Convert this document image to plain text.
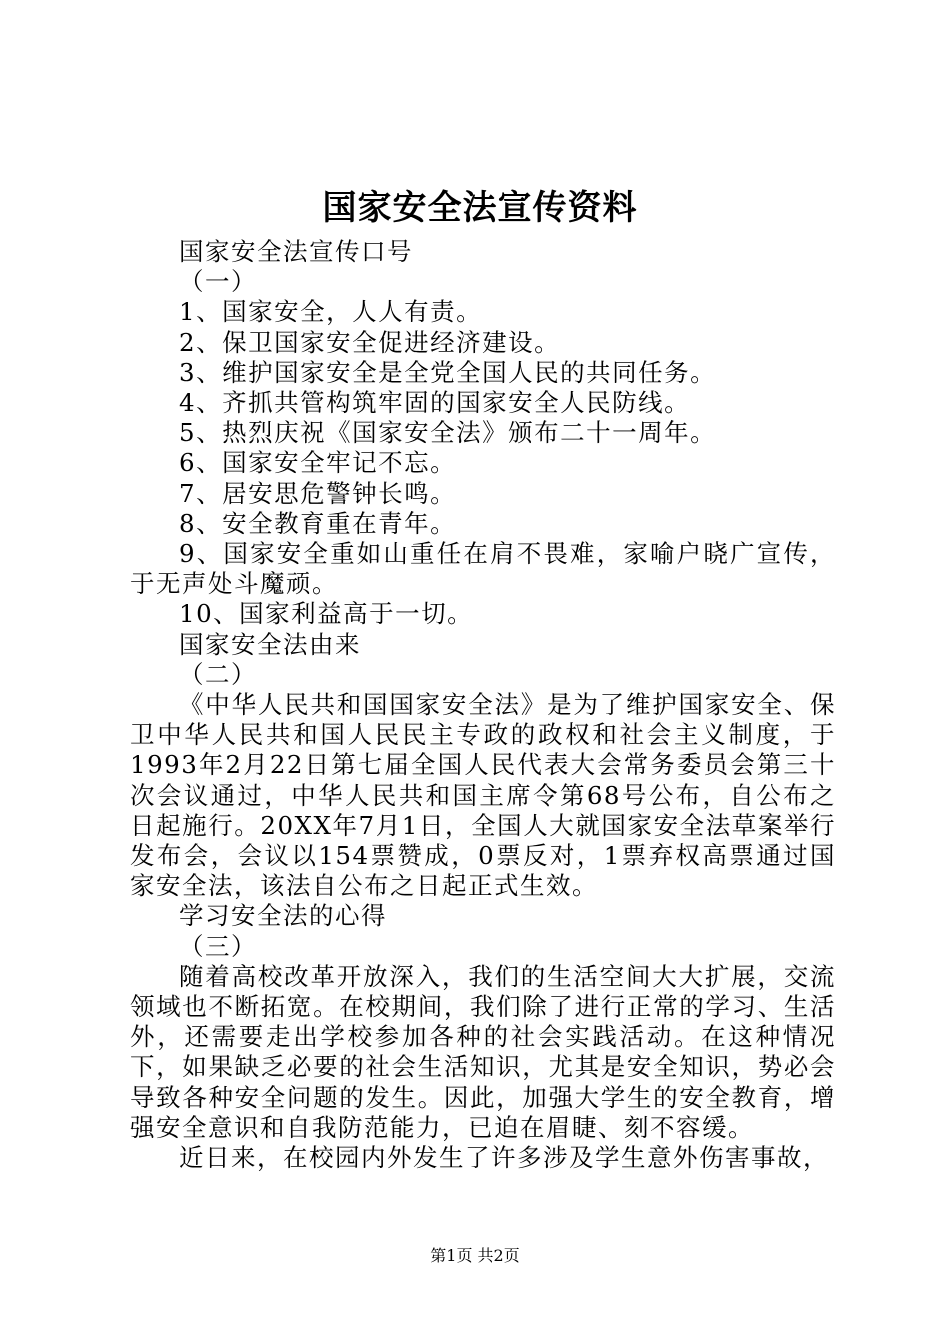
国家安全法宣传资料

国家安全法宣传口号

（一）

1、国家安全，人人有责。

2、保卫国家安全促进经济建设。

3、维护国家安全是全党全国人民的共同任务。

4、齐抓共管构筑牢固的国家安全人民防线。

5、热烈庆祝《国家安全法》颁布二十一周年。

6、国家安全牢记不忘。

7、居安思危警钟长鸣。

8、安全教育重在青年。

9、国家安全重如山重任在肩不畏难，家喻户晓广宣传，于无声处斗魔顽。

10、国家利益高于一切。

国家安全法由来

（二）

《中华人民共和国国家安全法》是为了维护国家安全、保卫中华人民共和国人民民主专政的政权和社会主义制度，于1993年2月22日第七届全国人民代表大会常务委员会第三十次会议通过，中华人民共和国主席令第68号公布，自公布之日起施行。20XX年7月1日，全国人大就国家安全法草案举行发布会，会议以154票赞成，0票反对，1票弃权高票通过国家安全法，该法自公布之日起正式生效。

学习安全法的心得

（三）

随着高校改革开放深入，我们的生活空间大大扩展，交流领域也不断拓宽。在校期间，我们除了进行正常的学习、生活外，还需要走出学校参加各种的社会实践活动。在这种情况下，如果缺乏必要的社会生活知识，尤其是安全知识，势必会导致各种安全问题的发生。因此，加强大学生的安全教育，增强安全意识和自我防范能力，已迫在眉睫、刻不容缓。

近日来，在校园内外发生了许多涉及学生意外伤害事故，

第1页 共2页
